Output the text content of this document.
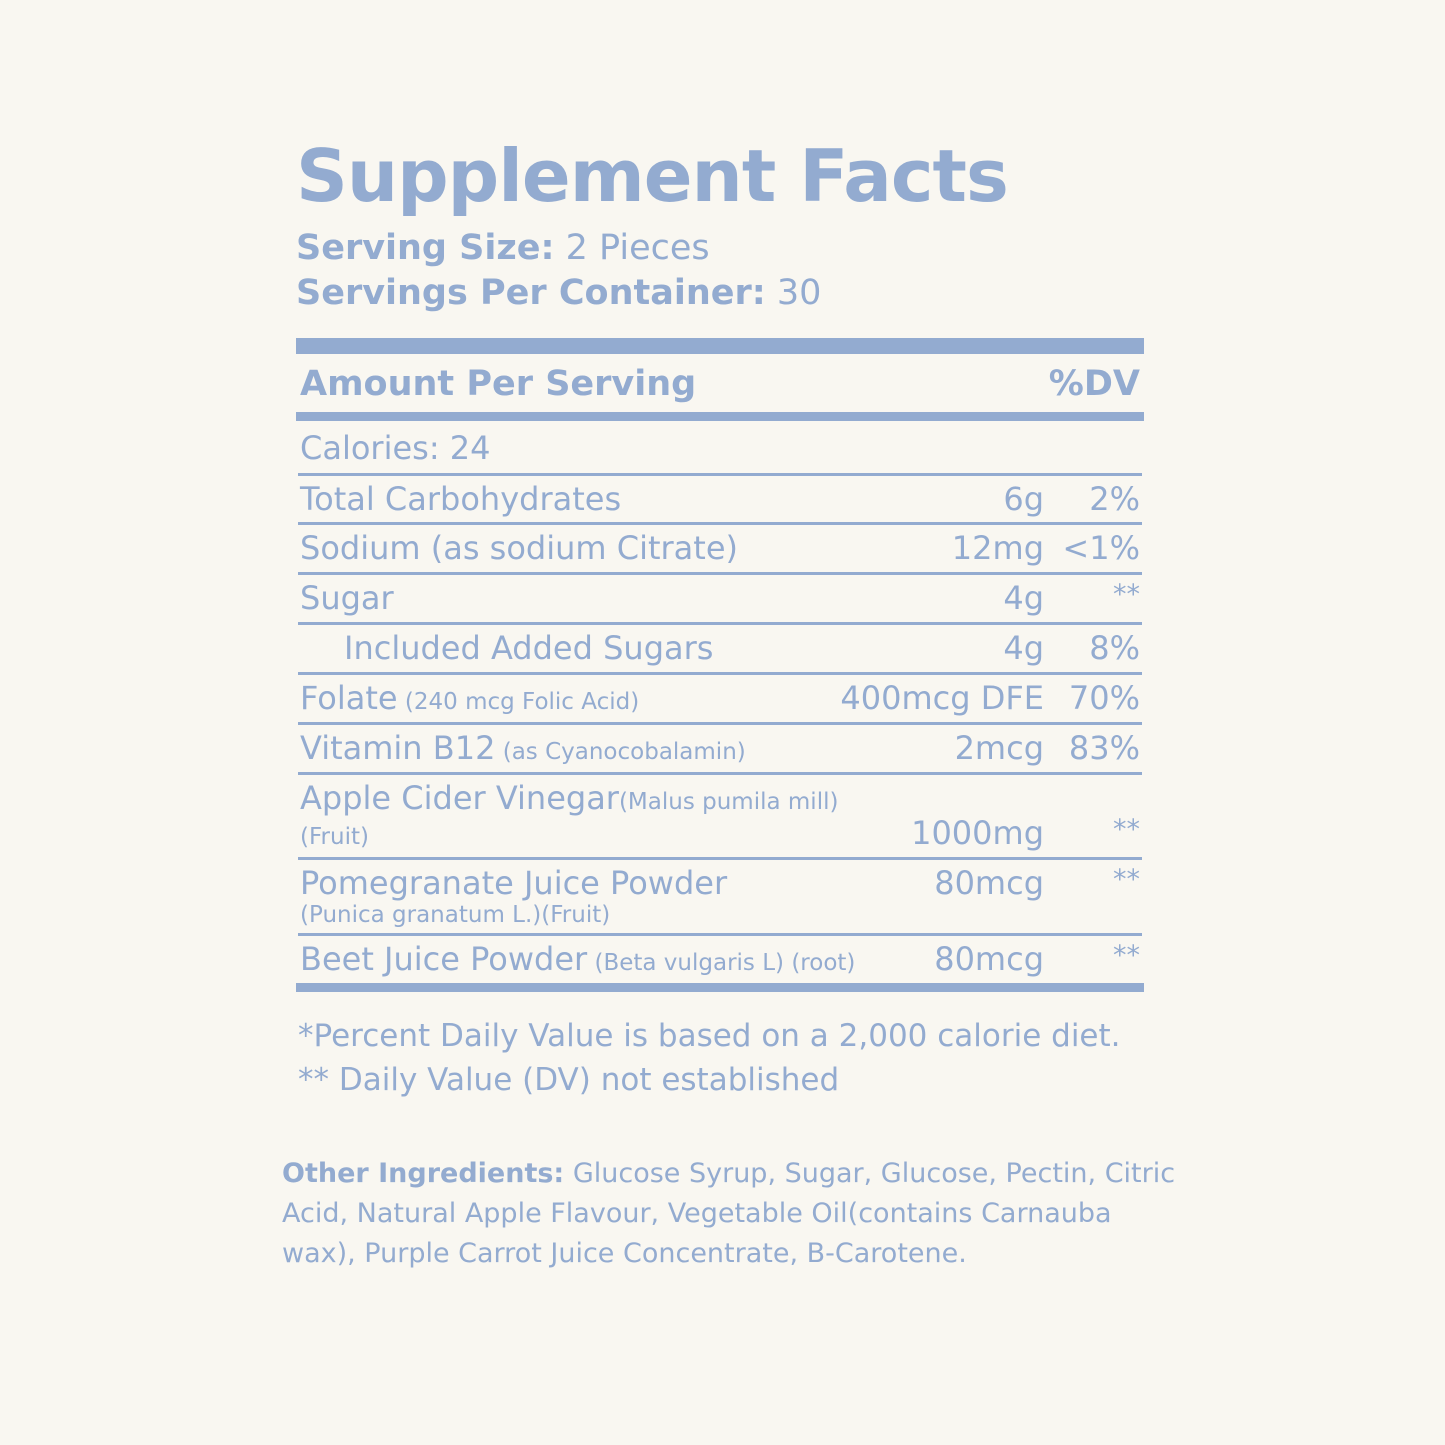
Supplement Facts
Serving Size: 2 Pieces
Servings Per Container: 30
Amount Per Serving	%DV
Calories: 24
Total Carbohydrates	6g	2%
Sodium (as sodium Citrate)	12mg <1%
Sugar	4g	**
Included Added Sugars	4g	8%
Folate (240 mcg Folic Acid)	400mcg DFE 70%
Vitamin B12 (as Cyanocobalamin)	2mcg 83%
Apple Cider Vinegar(Malus pumila mill)(Fruit)	1000mg	**
Pomegranate Juice Powder
(Punica granatum L.)(Fruit)
80mcg	**
Beet Juice Powder (Beta vulgaris L) (root)	80mcg	**
*Percent Daily Value is based on a 2,000 calorie diet.
** Daily Value (DV) not established
Other Ingredients: Glucose Syrup, Sugar, Glucose, Pectin, Citric Acid, Natural Apple Flavour, Vegetable Oil(contains Carnauba wax), Purple Carrot Juice Concentrate, B-Carotene.
